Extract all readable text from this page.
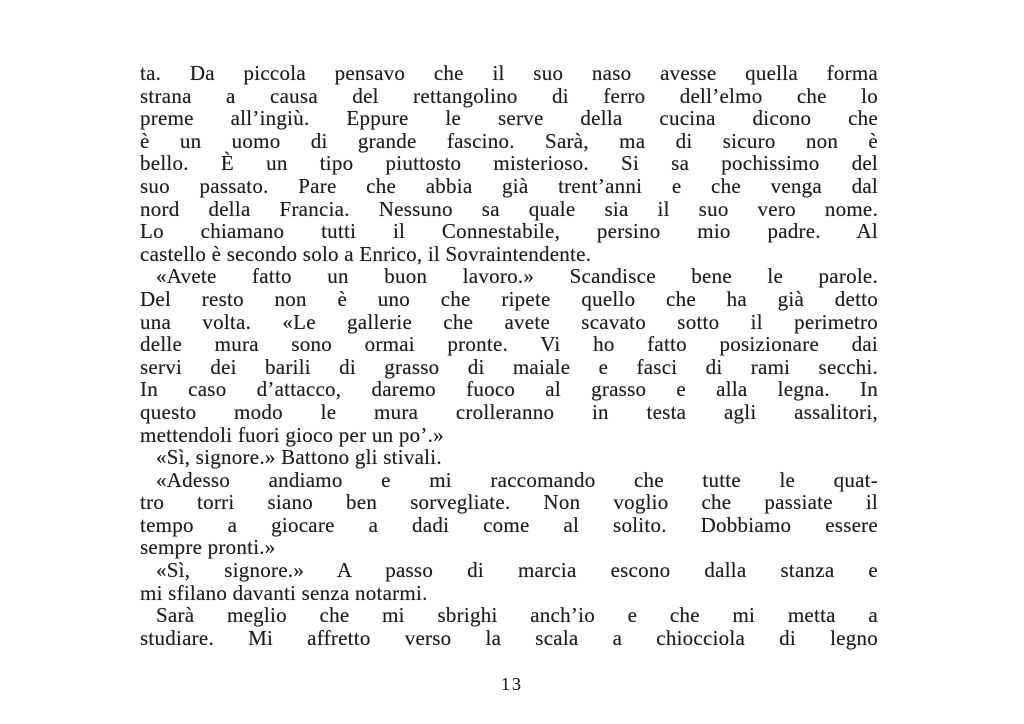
ta. Da piccola pensavo che il suo naso avesse quella forma
strana a causa del rettangolino di ferro dell’elmo che lo
preme all’ingiù. Eppure le serve della cucina dicono che
è un uomo di grande fascino. Sarà, ma di sicuro non è
bello. È un tipo piuttosto misterioso. Si sa pochissimo del
suo passato. Pare che abbia già trent’anni e che venga dal
nord della Francia. Nessuno sa quale sia il suo vero nome.
Lo chiamano tutti il Connestabile, persino mio padre. Al
castello è secondo solo a Enrico, il Sovraintendente.
«Avete fatto un buon lavoro.» Scandisce bene le parole.
Del resto non è uno che ripete quello che ha già detto
una volta. «Le gallerie che avete scavato sotto il perimetro
delle mura sono ormai pronte. Vi ho fatto posizionare dai
servi dei barili di grasso di maiale e fasci di rami secchi.
In caso d’attacco, daremo fuoco al grasso e alla legna. In
questo modo le mura crolleranno in testa agli assalitori,
mettendoli fuori gioco per un po’.»
«Sì, signore.» Battono gli stivali.
«Adesso andiamo e mi raccomando che tutte le quat-
tro torri siano ben sorvegliate. Non voglio che passiate il
tempo a giocare a dadi come al solito. Dobbiamo essere
sempre pronti.»
«Sì, signore.» A passo di marcia escono dalla stanza e
mi sfilano davanti senza notarmi.
Sarà meglio che mi sbrighi anch’io e che mi metta a
studiare. Mi affretto verso la scala a chiocciola di legno
13
